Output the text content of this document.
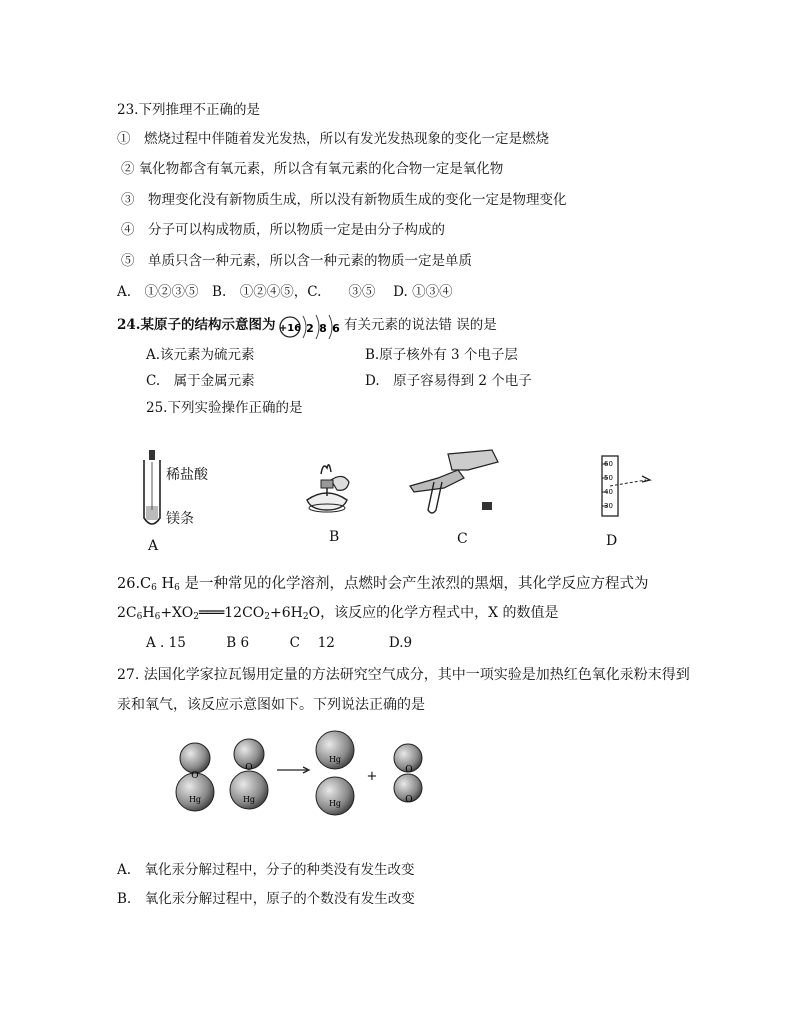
23.下列推理不正确的是
①　燃烧过程中伴随着发光发热，所以有发光发热现象的变化一定是燃烧
② 氧化物都含有氧元素，所以含有氧元素的化合物一定是氧化物
③　物理变化没有新物质生成，所以没有新物质生成的变化一定是物理变化
④　分子可以构成物质，所以物质一定是由分子构成的
⑤　单质只含一种元素，所以含一种元素的物质一定是单质
A.　①②③⑤　B.　①②④⑤，C.　　③⑤　 D. ①③④
24.某原子的结构示意图为 +16 2 8 6 有关元素的说法错 误的是
A.该元素为硫元素	B.原子核外有 3 个电子层
C.　属于金属元素	D.　原子容易得到 2 个电子
25.下列实验操作正确的是
稀盐酸
镁条
A
B	C
60
50
40
30
D
$26.C_6$ $H_6$ 是一种常见的化学溶剂，点燃时会产生浓烈的黑烟，其化学反应方程式为
$2C_6H_6+XO_2═══12CO_2+6H_2O$，该反应的化学方程式中，X 的数值是
A . 15　　　B 6　　　C　 12　　　　D.9
27. 法国化学家拉瓦锡用定量的方法研究空气成分，其中一项实验是加热红色氧化汞粉末得到
汞和氧气，该反应示意图如下。下列说法正确的是
O
Hg
O
Hg
Hg
Hg
+	O
O
A.　氧化汞分解过程中，分子的种类没有发生改变
B.　氧化汞分解过程中，原子的个数没有发生改变
